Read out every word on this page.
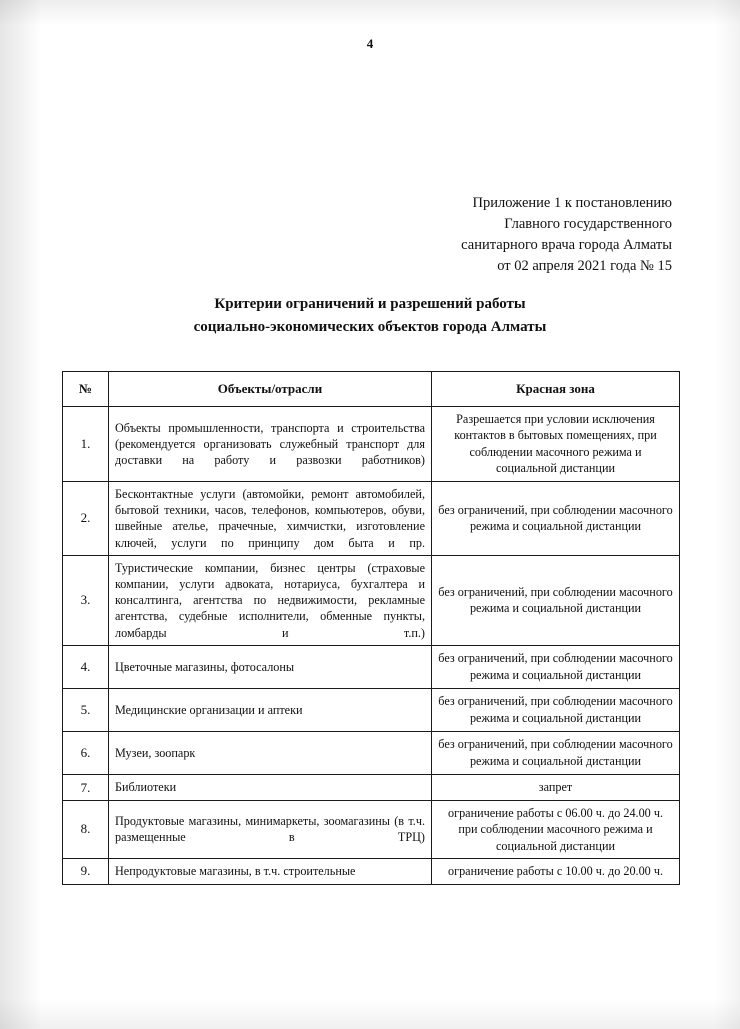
4
Приложение 1 к постановлению
Главного государственного
санитарного врача города Алматы
от 02 апреля 2021 года № 15
Критерии ограничений и разрешений работы
социально-экономических объектов города Алматы
№	Объекты/отрасли	Красная зона
1.	Объекты промышленности, транспорта и строительства (рекомендуется организовать служебный транспорт для доставки на работу и развозки работников)	Разрешается при условии исключения контактов в бытовых помещениях, при соблюдении масочного режима и социальной дистанции
2.	Бесконтактные услуги (автомойки, ремонт автомобилей, бытовой техники, часов, телефонов, компьютеров, обуви, швейные ателье, прачечные, химчистки, изготовление ключей, услуги по принципу дом быта и пр.	без ограничений, при соблюдении масочного режима и социальной дистанции
3.	Туристические компании, бизнес центры (страховые компании, услуги адвоката, нотариуса, бухгалтера и консалтинга, агентства по недвижимости, рекламные агентства, судебные исполнители, обменные пункты, ломбарды и т.п.)	без ограничений, при соблюдении масочного режима и социальной дистанции
4.	Цветочные магазины, фотосалоны	без ограничений, при соблюдении масочного режима и социальной дистанции
5.	Медицинские организации и аптеки	без ограничений, при соблюдении масочного режима и социальной дистанции
6.	Музеи, зоопарк	без ограничений, при соблюдении масочного режима и социальной дистанции
7.	Библиотеки	запрет
8.	Продуктовые магазины, минимаркеты, зоомагазины (в т.ч. размещенные в ТРЦ)	ограничение работы с 06.00 ч. до 24.00 ч. при соблюдении масочного режима и социальной дистанции
9.	Непродуктовые магазины, в т.ч. строительные	ограничение работы с 10.00 ч. до 20.00 ч.
